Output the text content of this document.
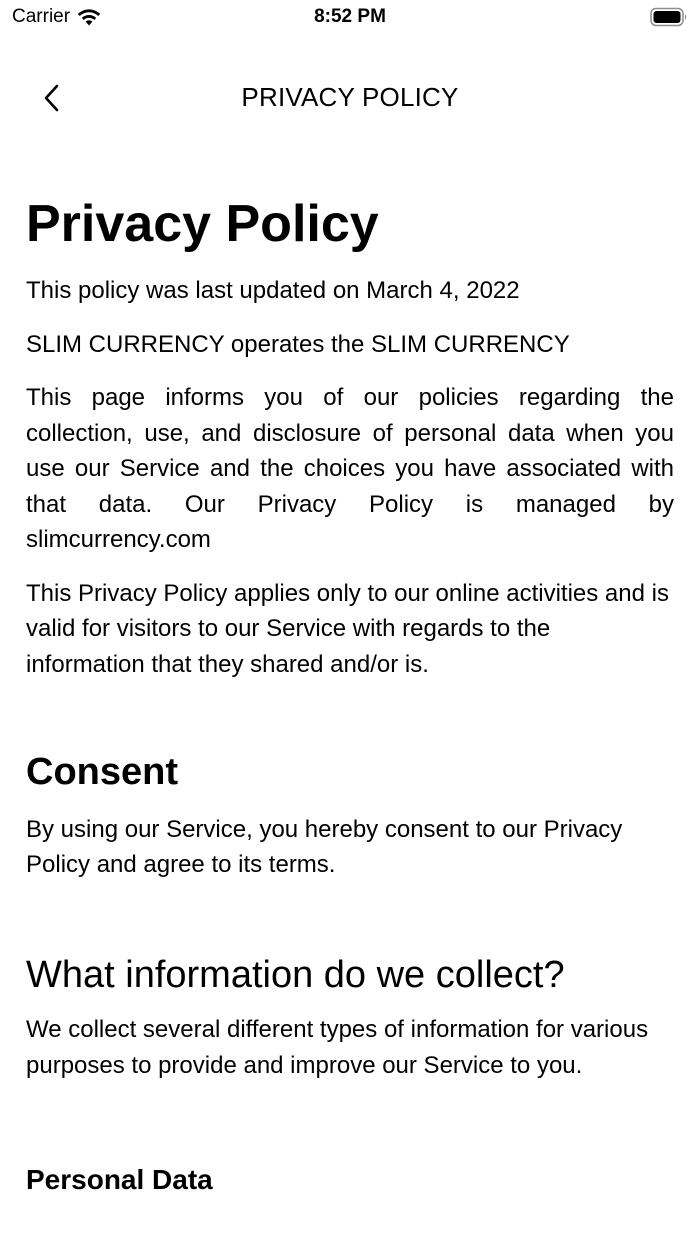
Carrier	8:52 PM
PRIVACY POLICY
Privacy Policy
This policy was last updated on March 4, 2022
SLIM CURRENCY operates the SLIM CURRENCY
This page informs you of our policies regarding the collection, use, and disclosure of personal data when you use our Service and the choices you have associated with that data. Our Privacy Policy is managed by slimcurrency.com
This Privacy Policy applies only to our online activities and is valid for visitors to our Service with regards to the information that they shared and/or is.
Consent
By using our Service, you hereby consent to our Privacy Policy and agree to its terms.
What information do we collect?
We collect several different types of information for various purposes to provide and improve our Service to you.
Personal Data
